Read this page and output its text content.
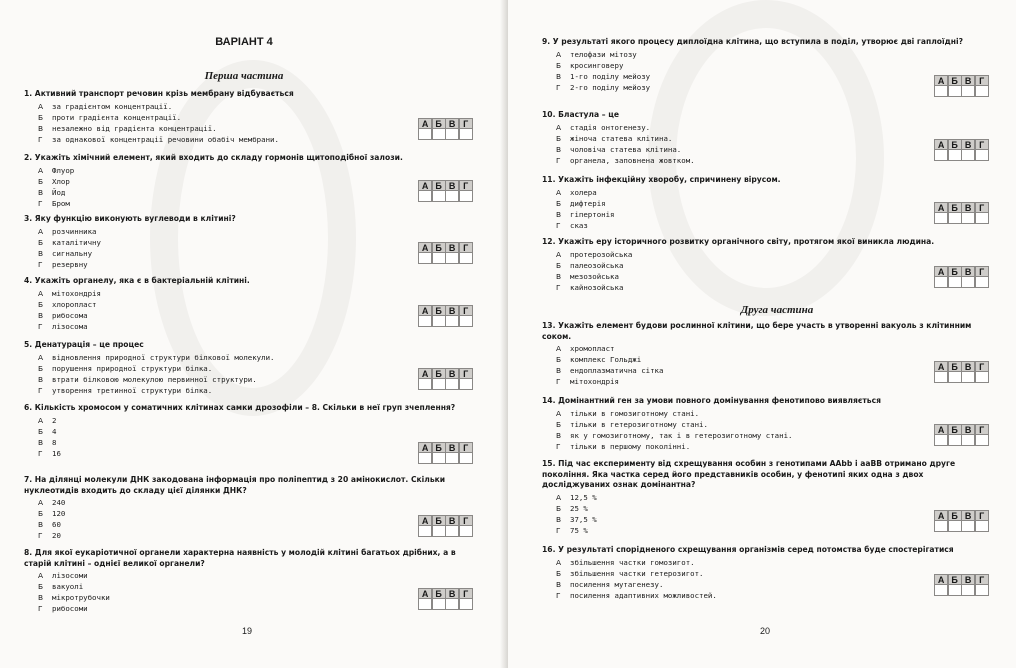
ВАРІАНТ 4
Перша частина
1. Активний транспорт речовин крізь мембрану відбувається
А за градієнтом концентрації.
Б проти градієнта концентрації.
В незалежно від градієнта концентрації.
Г за однакової концентрації речовини обабіч мембрани.
А Б В Г
2. Укажіть хімічний елемент, який входить до складу гормонів щитоподібної залози.
А Флуор
Б Хлор
В Йод
Г Бром
А Б В Г
3. Яку функцію виконують вуглеводи в клітині?
А розчинника
Б каталітичну
В сигнальну
Г резервну
А Б В Г
4. Укажіть органелу, яка є в бактеріальній клітині.
А мітохондрія
Б хлоропласт
В рибосома
Г лізосома
А Б В Г
5. Денатурація – це процес
А відновлення природної структури білкової молекули.
Б порушення природної структури білка.
В втрати білковою молекулою первинної структури.
Г утворення третинної структури білка.
А Б В Г
6. Кількість хромосом у соматичних клітинах самки дрозофіли – 8. Скільки в неї груп зчеплення?
А 2
Б 4
В 8
Г 16	А Б В Г
7. На ділянці молекули ДНК закодована інформація про поліпептид з 20 амінокислот. Скільки нуклеотидів входить до складу цієї ділянки ДНК?
А 240
Б 120
В 60
Г 20
А Б В Г
8. Для якої еукаріотичної органели характерна наявність у молодій клітині багатьох дрібних, а в старій клітині – однієї великої органели?
А лізосоми
Б вакуолі
В мікротрубочки
Г рибосоми
А Б В Г
19
Друга частина
9. У результаті якого процесу диплоїдна клітина, що вступила в поділ, утворює дві гаплоїдні?
А телофази мітозу
Б кросинговеру
В 1-го поділу мейозу
Г 2-го поділу мейозу
А Б В Г
10. Бластула – це
А стадія онтогенезу.
Б жіноча статева клітина.
В чоловіча статева клітина.
Г органела, заповнена жовтком.
А Б В Г
11. Укажіть інфекційну хворобу, спричинену вірусом.
А холера
Б дифтерія
В гіпертонія
Г сказ
А Б В Г
12. Укажіть еру історичного розвитку органічного світу, протягом якої виникла людина.
А протерозойська
Б палеозойська
В мезозойська
Г кайнозойська
А Б В Г
13. Укажіть елемент будови рослинної клітини, що бере участь в утворенні вакуоль з клітинним соком.
А хромопласт
Б комплекс Гольджі
В ендоплазматична сітка
Г мітохондрія
А Б В Г
14. Домінантний ген за умови повного домінування фенотипово виявляється
А тільки в гомозиготному стані.
Б тільки в гетерозиготному стані.
В як у гомозиготному, так і в гетерозиготному стані.
Г тільки в першому поколінні.
А Б В Г
15. Під час експерименту від схрещування особин з генотипами AAbb і aaBB отримано друге покоління. Яка частка серед його представників особин, у фенотипі яких одна з двох досліджуваних ознак домінантна?
А 12,5 %
Б 25 %
В 37,5 %
Г 75 %
А Б В Г
16. У результаті спорідненого схрещування організмів серед потомства буде спостерігатися
А збільшення частки гомозигот.
Б збільшення частки гетерозигот.
В посилення мутагенезу.
Г посилення адаптивних можливостей.
А Б В Г
20
